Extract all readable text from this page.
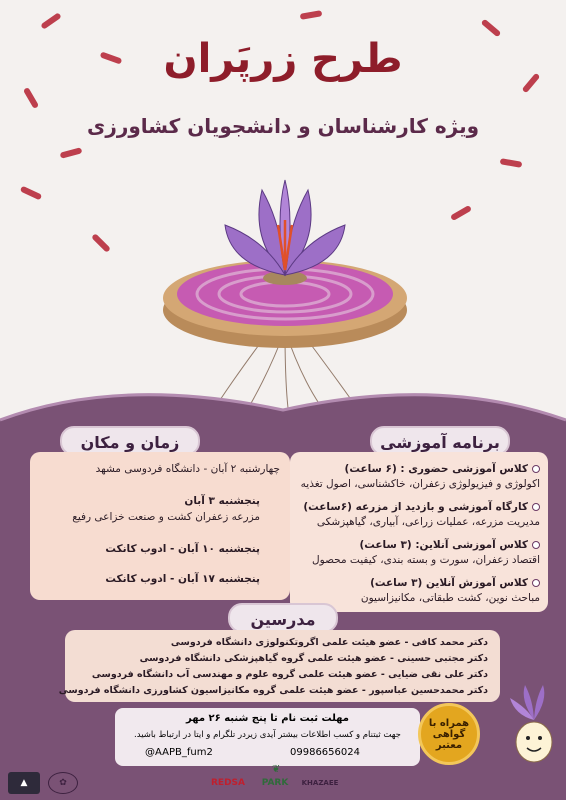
طرح زرپَران
ویژه کارشناسان و دانشجویان کشاورزی
زمان و مکان
چهارشنبه ۲ آبان - دانشگاه فردوسی مشهد
پنجشنبه ۳ آبان
مزرعه زعفران کشت و صنعت خزاعی رفیع
پنجشنبه ۱۰ آبان - ادوب کانکت
پنجشنبه ۱۷ آبان - ادوب کانکت
برنامه آموزشی
کلاس آموزشی حضوری : (۶ ساعت)
اکولوژی و فیزیولوژی زعفران، خاکشناسی، اصول تغذیه
کارگاه آموزشی و بازدید از مزرعه (۶ساعت)
مدیریت مزرعه، عملیات زراعی، آبیاری، گیاهپزشکی
کلاس آموزشی آنلاین: (۳ ساعت)
اقتصاد زعفران، سورت و بسته بندی، کیفیت محصول
کلاس آموزش آنلاین (۳ ساعت)
مباحث نوین، کشت طبقاتی، مکانیزاسیون
مدرسین
دکتر محمد کافی - عضو هیئت علمی اگروتکنولوژی دانشگاه فردوسی
دکتر مجتبی حسینی - عضو هیئت علمی گروه گیاهپزشکی دانشگاه فردوسی
دکتر علی نقی ضیایی - عضو هیئت علمی گروه علوم و مهندسی آب دانشگاه فردوسی
دکتر محمدحسین عباسپور - عضو هیئت علمی گروه مکانیزاسیون کشاورزی دانشگاه فردوسی
مهلت ثبت نام تا پنج شنبه ۲۶ مهر
جهت ثبتنام و کسب اطلاعات بیشتر آیدی زیردر تلگرام و ایتا در ارتباط باشید.
@AAPB_fum2	09986656024
همراه با
گواهی معتبر
▲	✿	REDSA	PARK
❦
KHAZAEE
